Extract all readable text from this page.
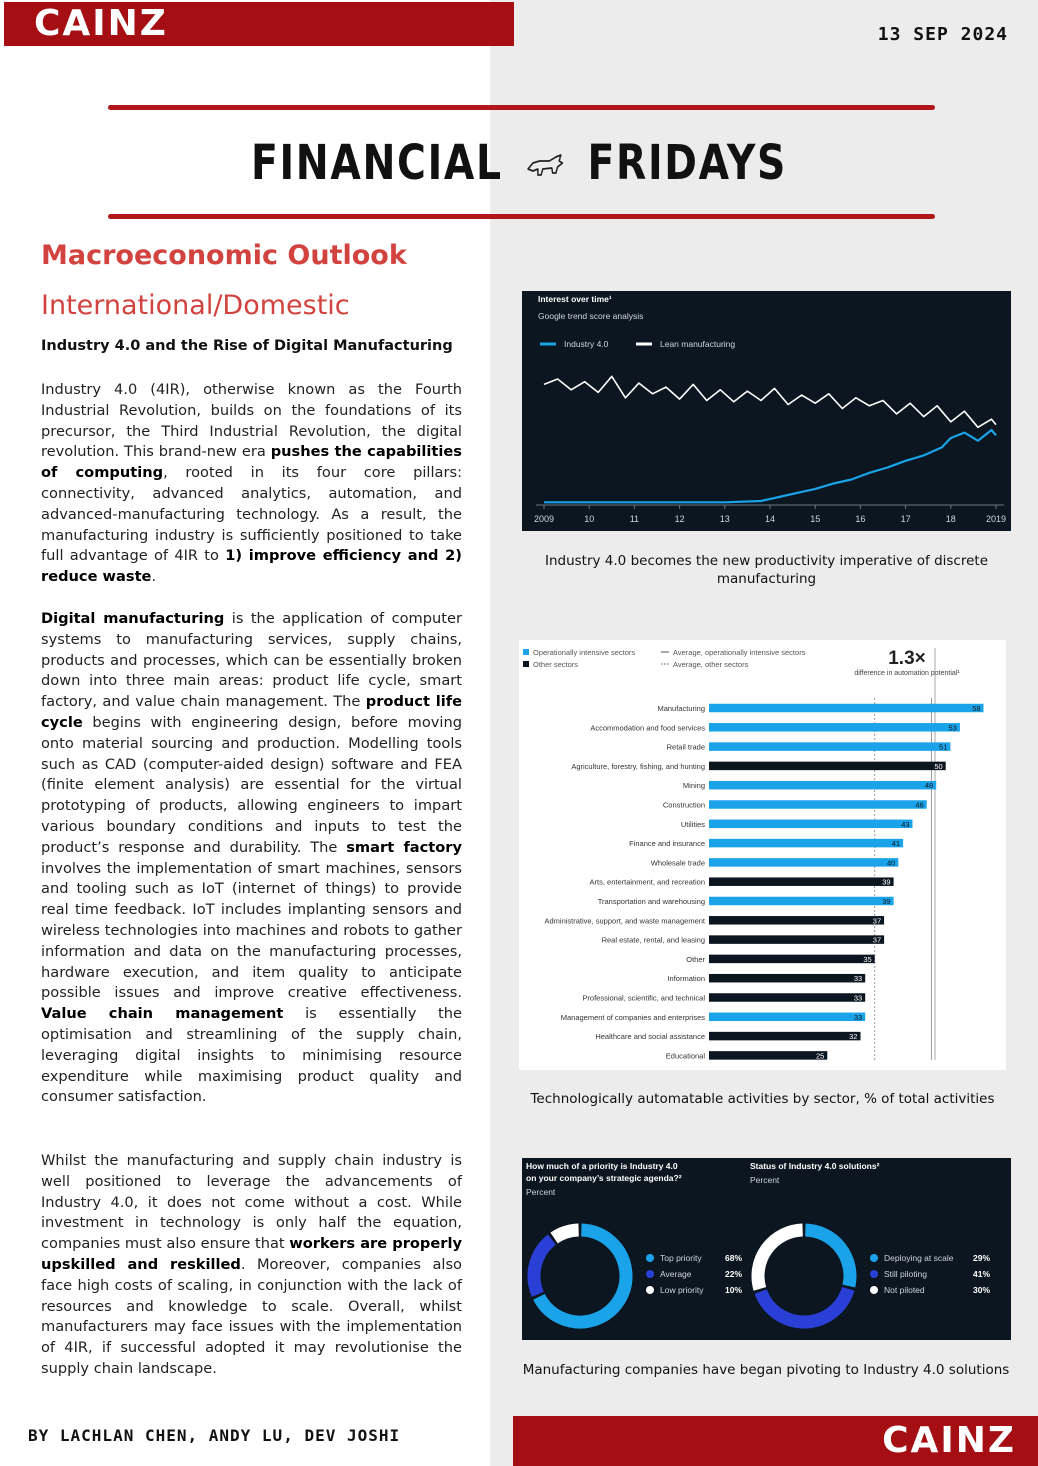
CAINZ	13 SEP 2024
FINANCIAL FRIDAYS
Macroeconomic Outlook
International/Domestic
Industry 4.0 and the Rise of Digital Manufacturing
Industry 4.0 (4IR), otherwise known as the Fourth Industrial Revolution, builds on the foundations of its precursor, the Third Industrial Revolution, the digital revolution. This brand-new era pushes the capabilities of computing, rooted in its four core pillars: connectivity, advanced analytics, automation, and advanced-manufacturing technology. As a result, the manufacturing industry is sufficiently positioned to take full advantage of 4IR to 1) improve efficiency and 2) reduce waste.
Digital manufacturing is the application of computer systems to manufacturing services, supply chains, products and processes, which can be essentially broken down into three main areas: product life cycle, smart factory, and value chain management. The product life cycle begins with engineering design, before moving onto material sourcing and production. Modelling tools such as CAD (computer-aided design) software and FEA (finite element analysis) are essential for the virtual prototyping of products, allowing engineers to impart various boundary conditions and inputs to test the product’s response and durability. The smart factory involves the implementation of smart machines, sensors and tooling such as IoT (internet of things) to provide real time feedback. IoT includes implanting sensors and wireless technologies into machines and robots to gather information and data on the manufacturing processes, hardware execution, and item quality to anticipate possible issues and improve creative effectiveness. Value chain management is essentially the optimisation and streamlining of the supply chain, leveraging digital insights to minimising resource expenditure while maximising product quality and consumer satisfaction.
Whilst the manufacturing and supply chain industry is well positioned to leverage the advancements of Industry 4.0, it does not come without a cost. While investment in technology is only half the equation, companies must also ensure that workers are properly upskilled and reskilled. Moreover, companies also face high costs of scaling, in conjunction with the lack of resources and knowledge to scale. Overall, whilst manufacturers may face issues with the implementation of 4IR, if successful adopted it may revolutionise the supply chain landscape.
BY LACHLAN CHEN, ANDY LU, DEV JOSHI	CAINZ
Interest over time¹
Google trend score analysis
Industry 4.0	Lean manufacturing
2009	10	11	12	13	14	15	16	17	18	2019
Industry 4.0 becomes the new productivity imperative of discrete manufacturing
Operationally intensive sectors
Other sectors
Average, operationally intensive sectors
Average, other sectors	1.3×
difference in automation potential¹
Manufacturing	58
Accommodation and food services	53
Retail trade	51
Agriculture, forestry, fishing, and hunting	50
Mining	48
Construction	46
Utilities	43
Finance and insurance	41
Wholesale trade	40
Arts, entertainment, and recreation	39
Transportation and warehousing	39
Administrative, support, and waste management	37
Real estate, rental, and leasing	37
Other	35
Information	33
Professional, scientific, and technical	33
Management of companies and enterprises	33
Healthcare and social assistance	32
Educational	25
Technologically automatable activities by sector, % of total activities
How much of a priority is Industry 4.0 on your company’s strategic agenda?²
Percent
Top priority	68%
Average	22%
Low priority	10%
Status of Industry 4.0 solutions²
Percent
Deploying at scale 29%
Still piloting	41%
Not piloted	30%
Manufacturing companies have began pivoting to Industry 4.0 solutions
